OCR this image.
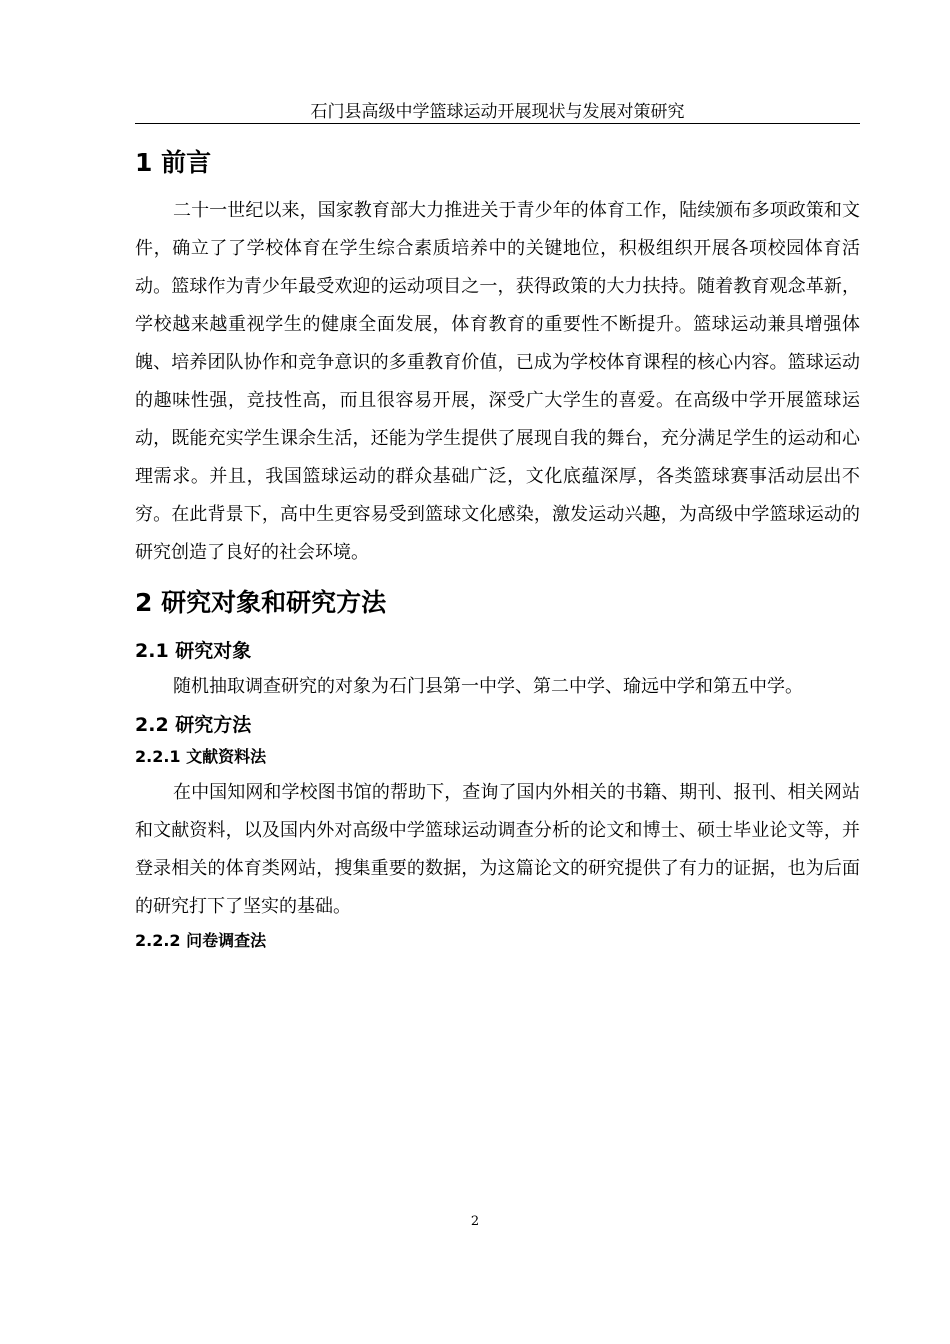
石门县高级中学篮球运动开展现状与发展对策研究
1 前言

二十一世纪以来，国家教育部大力推进关于青少年的体育工作，陆续颁布多项政策和文件，确立了了学校体育在学生综合素质培养中的关键地位，积极组织开展各项校园体育活动。篮球作为青少年最受欢迎的运动项目之一，获得政策的大力扶持。随着教育观念革新，学校越来越重视学生的健康全面发展，体育教育的重要性不断提升。篮球运动兼具增强体魄、培养团队协作和竞争意识的多重教育价值，已成为学校体育课程的核心内容。篮球运动的趣味性强，竞技性高，而且很容易开展，深受广大学生的喜爱。在高级中学开展篮球运动，既能充实学生课余生活，还能为学生提供了展现自我的舞台，充分满足学生的运动和心理需求。并且，我国篮球运动的群众基础广泛，文化底蕴深厚，各类篮球赛事活动层出不穷。在此背景下，高中生更容易受到篮球文化感染，激发运动兴趣，为高级中学篮球运动的研究创造了良好的社会环境。

2 研究对象和研究方法
2.1 研究对象

随机抽取调查研究的对象为石门县第一中学、第二中学、瑜远中学和第五中学。

2.2 研究方法
2.2.1 文献资料法

在中国知网和学校图书馆的帮助下，查询了国内外相关的书籍、期刊、报刊、相关网站和文献资料，以及国内外对高级中学篮球运动调查分析的论文和博士、硕士毕业论文等，并登录相关的体育类网站，搜集重要的数据，为这篇论文的研究提供了有力的证据，也为后面的研究打下了坚实的基础。

2.2.2 问卷调查法
2
